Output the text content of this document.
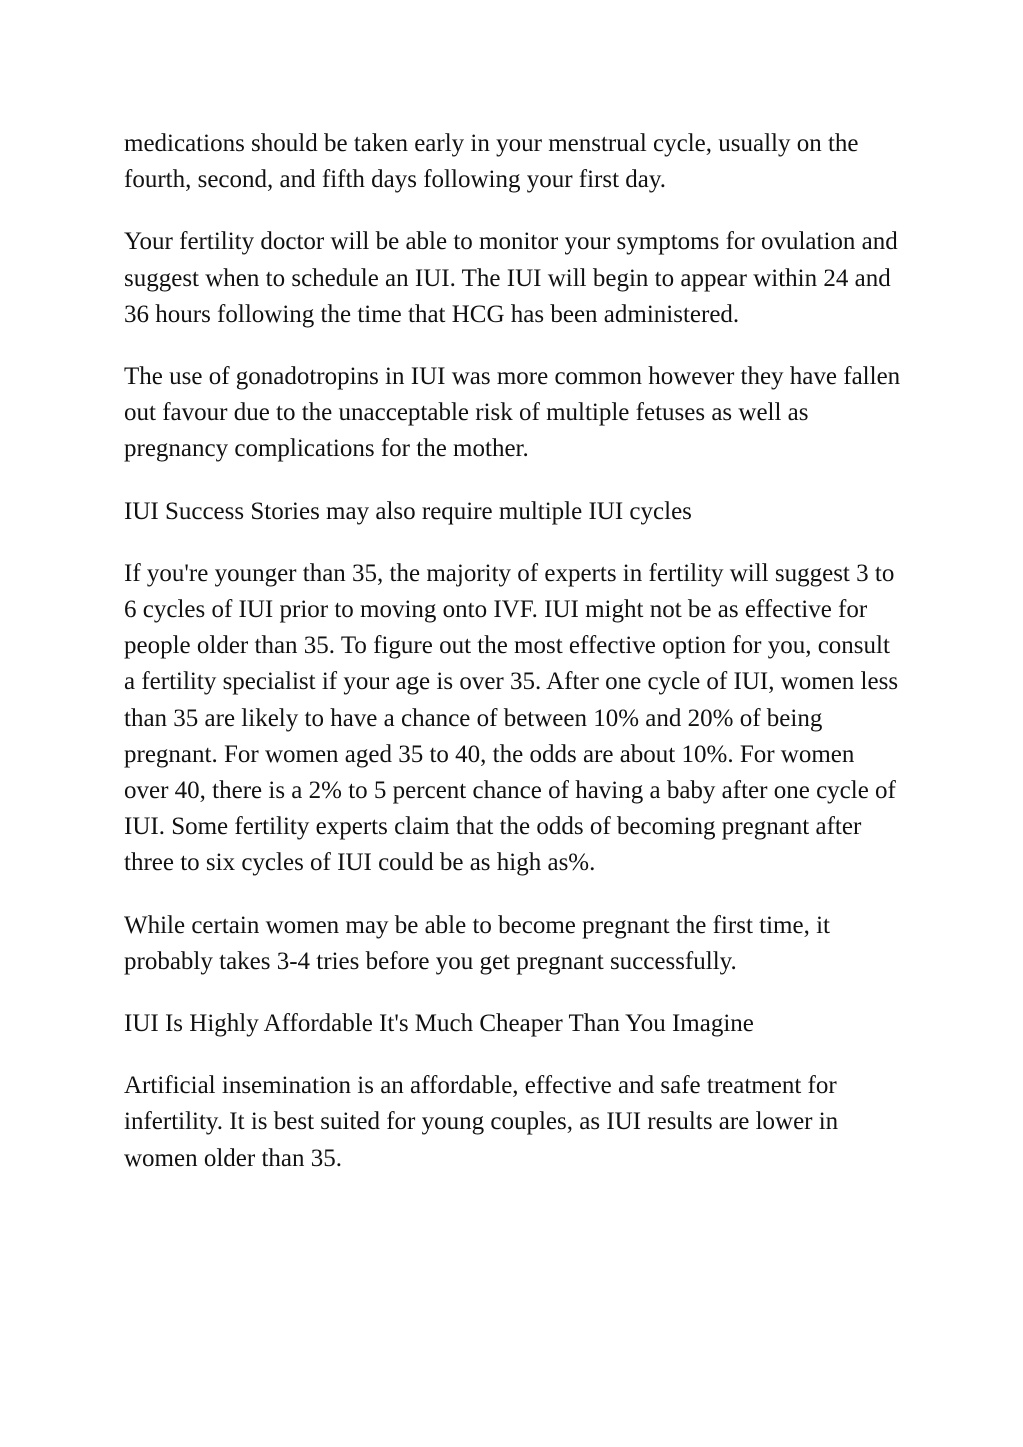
medications should be taken early in your menstrual cycle, usually on the fourth, second, and fifth days following your first day.

Your fertility doctor will be able to monitor your symptoms for ovulation and suggest when to schedule an IUI. The IUI will begin to appear within 24 and 36 hours following the time that HCG has been administered.

The use of gonadotropins in IUI was more common however they have fallen out favour due to the unacceptable risk of multiple fetuses as well as pregnancy complications for the mother.

IUI Success Stories may also require multiple IUI cycles

If you're younger than 35, the majority of experts in fertility will suggest 3 to 6 cycles of IUI prior to moving onto IVF. IUI might not be as effective for people older than 35. To figure out the most effective option for you, consult a fertility specialist if your age is over 35. After one cycle of IUI, women less than 35 are likely to have a chance of between 10% and 20% of being pregnant. For women aged 35 to 40, the odds are about 10%. For women over 40, there is a 2% to 5 percent chance of having a baby after one cycle of IUI. Some fertility experts claim that the odds of becoming pregnant after three to six cycles of IUI could be as high as%.

While certain women may be able to become pregnant the first time, it probably takes 3-4 tries before you get pregnant successfully.

IUI Is Highly Affordable It's Much Cheaper Than You Imagine

Artificial insemination is an affordable, effective and safe treatment for infertility. It is best suited for young couples, as IUI results are lower in women older than 35.
